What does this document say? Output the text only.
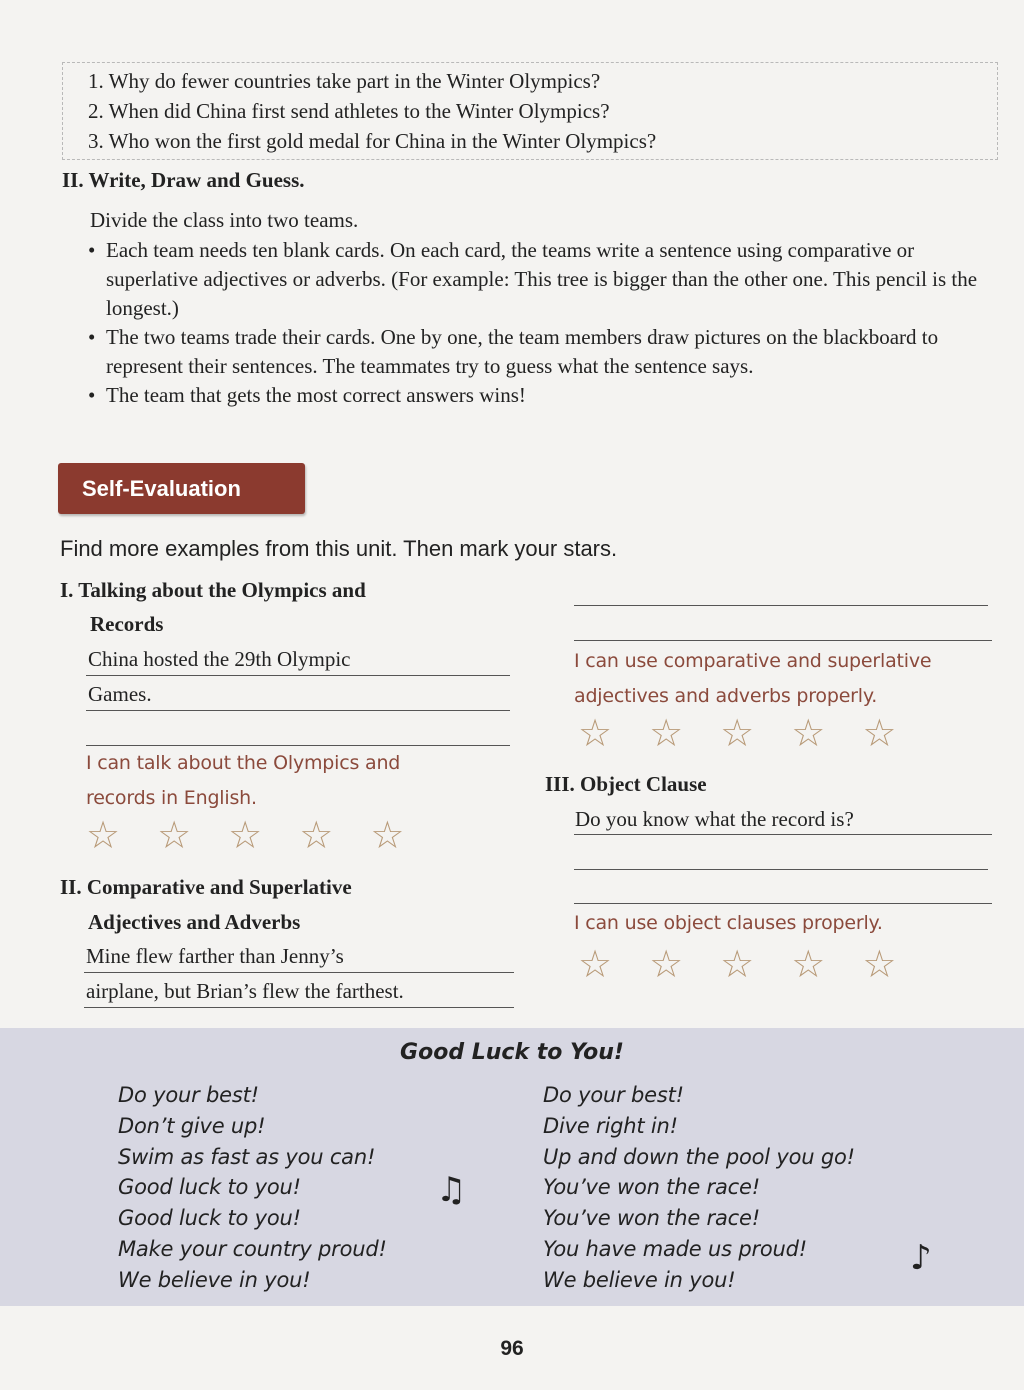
1. Why do fewer countries take part in the Winter Olympics?
2. When did China first send athletes to the Winter Olympics?
3. Who won the first gold medal for China in the Winter Olympics?
II. Write, Draw and Guess.
Divide the class into two teams.
• Each team needs ten blank cards. On each card, the teams write a sentence using comparative or superlative adjectives or adverbs. (For example: This tree is bigger than the other one. This pencil is the longest.)
• The two teams trade their cards. One by one, the team members draw pictures on the blackboard to represent their sentences. The teammates try to guess what the sentence says.
• The team that gets the most correct answers wins!
Self-Evaluation
Find more examples from this unit. Then mark your stars.
I. Talking about the Olympics and
Records
China hosted the 29th Olympic
Games.
I can talk about the Olympics and
records in English.
☆ ☆ ☆ ☆ ☆
II. Comparative and Superlative
Adjectives and Adverbs
Mine flew farther than Jenny’s
airplane, but Brian’s flew the farthest.
I can use comparative and superlative
adjectives and adverbs properly.
☆ ☆ ☆ ☆ ☆
III. Object Clause
Do you know what the record is?
I can use object clauses properly.
☆ ☆ ☆ ☆ ☆
Good Luck to You!
Do your best!
Don’t give up!
Swim as fast as you can!
Good luck to you!
Good luck to you!
Make your country proud!
We believe in you!
Do your best!
Dive right in!
Up and down the pool you go!
You’ve won the race!
You’ve won the race!
You have made us proud!
We believe in you!
♫
♪
96
